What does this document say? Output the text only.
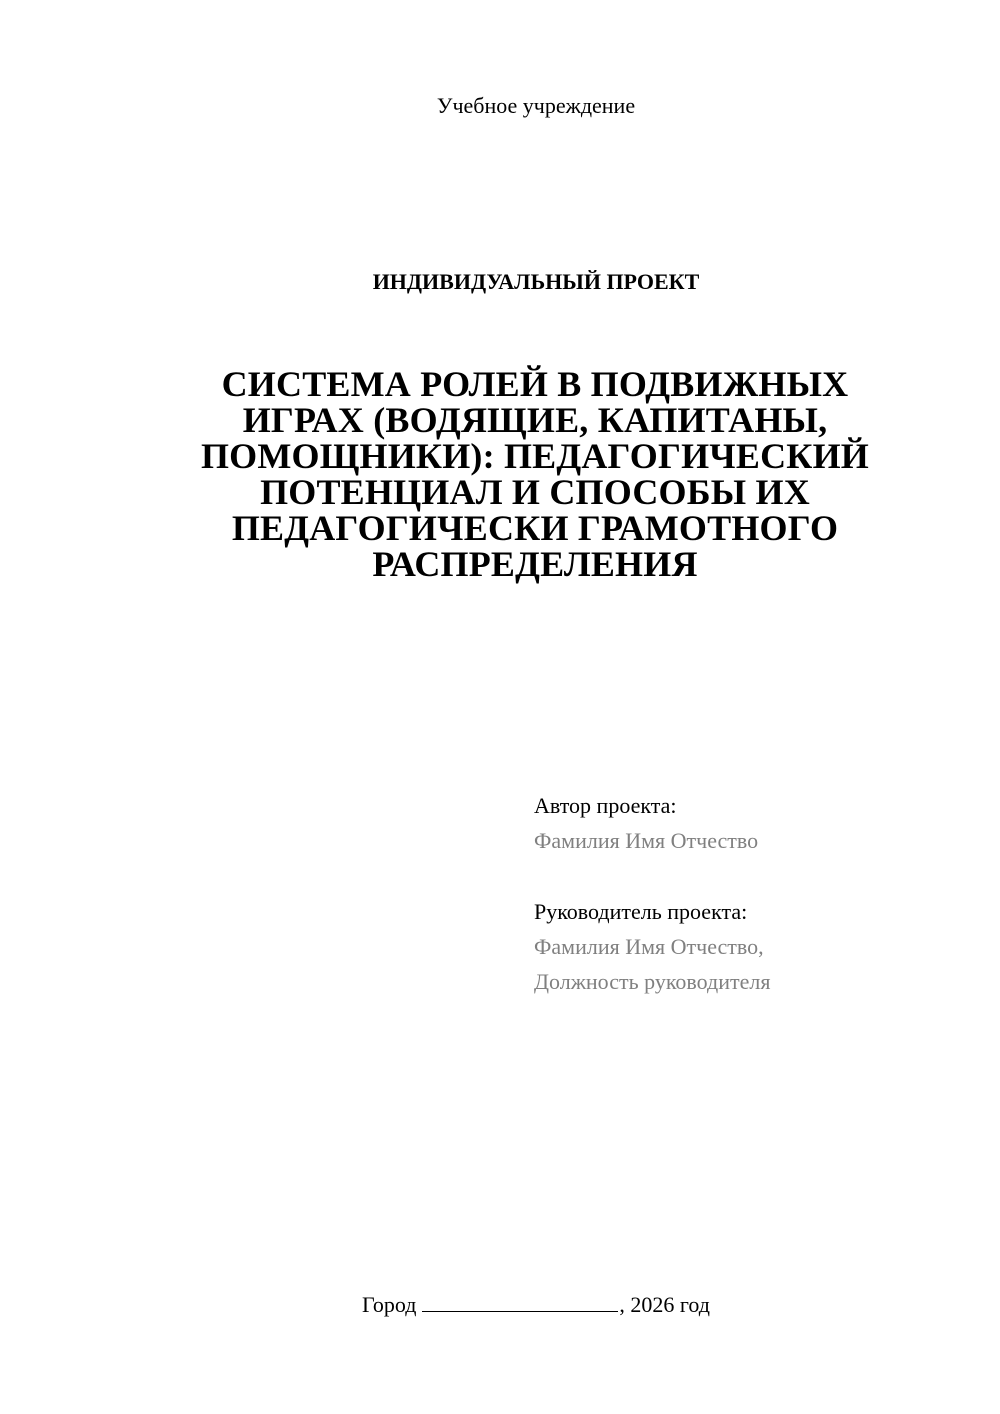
Учебное учреждение
ИНДИВИДУАЛЬНЫЙ ПРОЕКТ
СИСТЕМА РОЛЕЙ В ПОДВИЖНЫХ
ИГРАХ (ВОДЯЩИЕ, КАПИТАНЫ,
ПОМОЩНИКИ): ПЕДАГОГИЧЕСКИЙ
ПОТЕНЦИАЛ И СПОСОБЫ ИХ
ПЕДАГОГИЧЕСКИ ГРАМОТНОГО
РАСПРЕДЕЛЕНИЯ
Автор проекта:
Фамилия Имя Отчество
Руководитель проекта:
Фамилия Имя Отчество,
Должность руководителя
Город	, 2026 год
